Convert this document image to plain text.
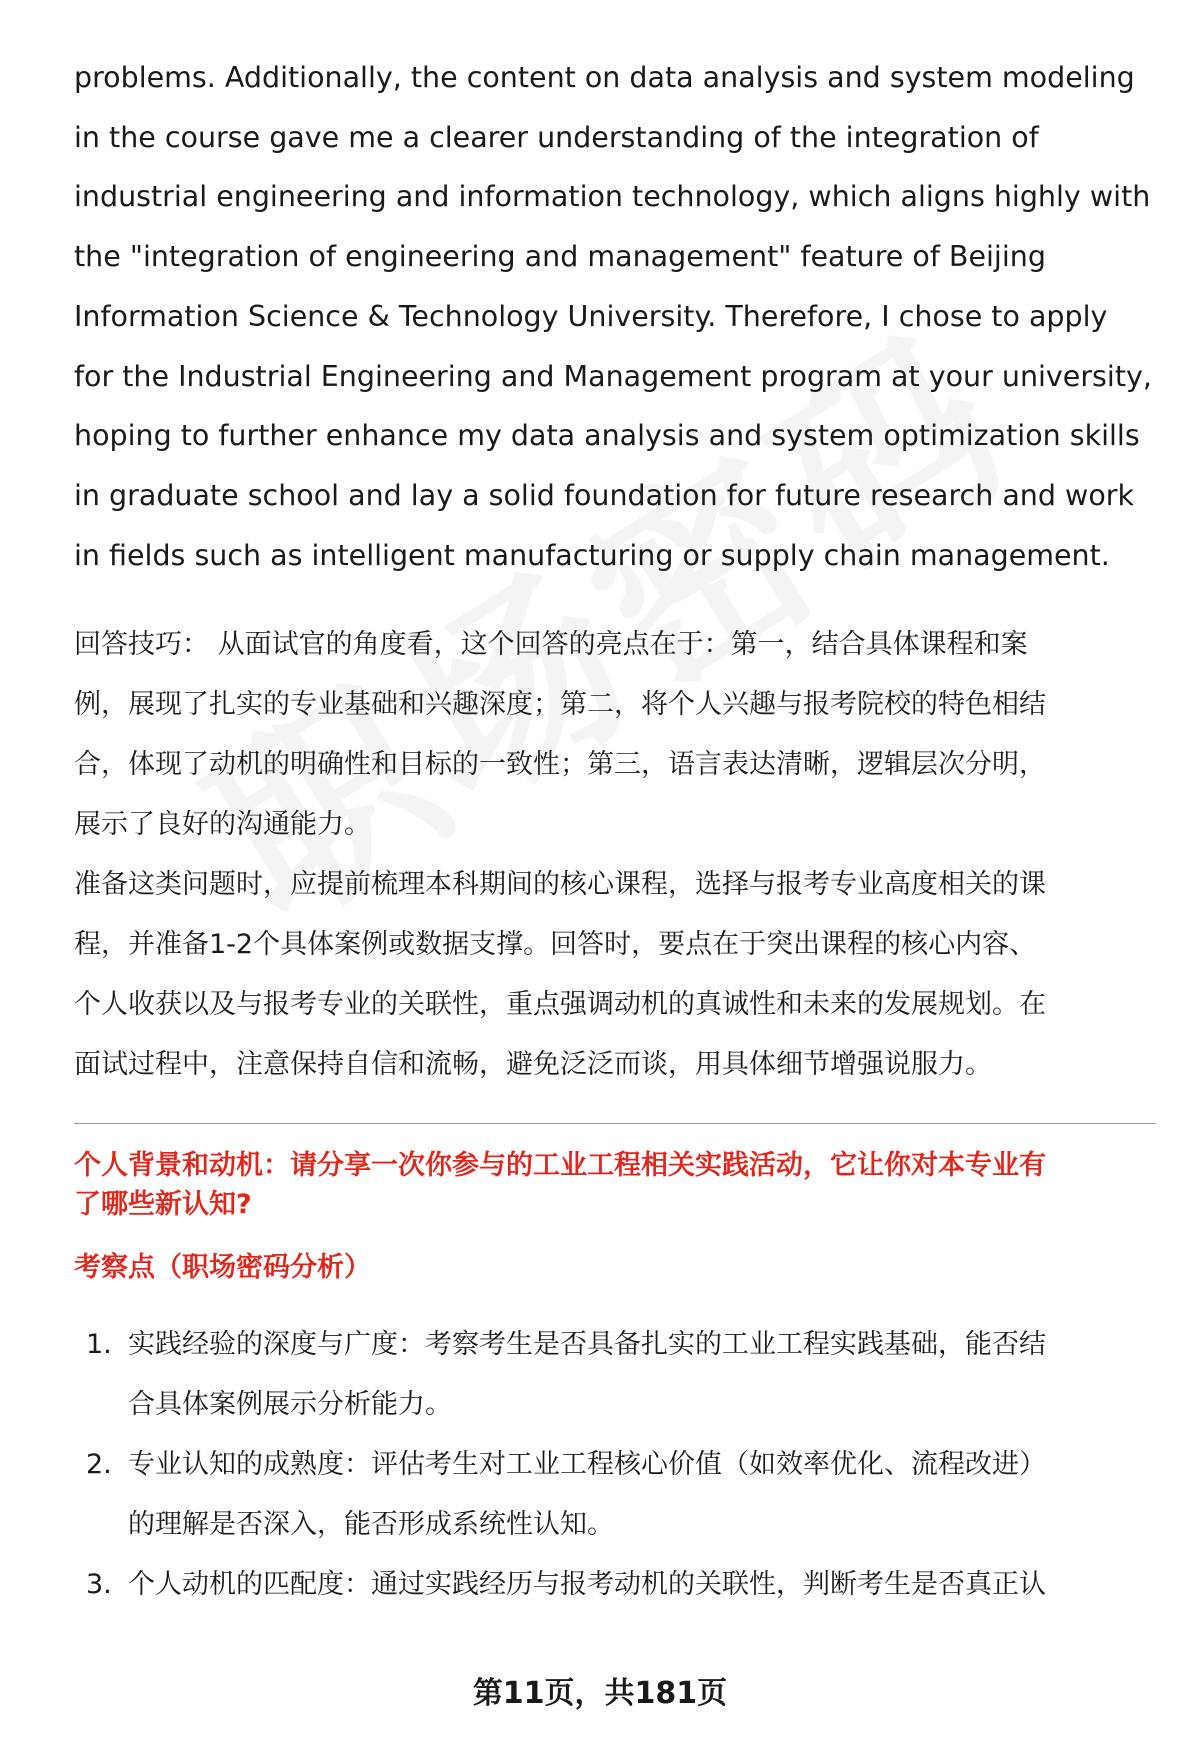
problems. Additionally, the content on data analysis and system modeling
in the course gave me a clearer understanding of the integration of
industrial engineering and information technology, which aligns highly with
the "integration of engineering and management" feature of Beijing
Information Science & Technology University. Therefore, I chose to apply
for the Industrial Engineering and Management program at your university,
hoping to further enhance my data analysis and system optimization skills
in graduate school and lay a solid foundation for future research and work
in fields such as intelligent manufacturing or supply chain management.

回答技巧： 从面试官的角度看，这个回答的亮点在于：第一，结合具体课程和案
例，展现了扎实的专业基础和兴趣深度；第二，将个人兴趣与报考院校的特色相结
合，体现了动机的明确性和目标的一致性；第三，语言表达清晰，逻辑层次分明，
展示了良好的沟通能力。

准备这类问题时，应提前梳理本科期间的核心课程，选择与报考专业高度相关的课
程，并准备1-2个具体案例或数据支撑。回答时，要点在于突出课程的核心内容、
个人收获以及与报考专业的关联性，重点强调动机的真诚性和未来的发展规划。在
面试过程中，注意保持自信和流畅，避免泛泛而谈，用具体细节增强说服力。

个人背景和动机：请分享一次你参与的工业工程相关实践活动，它让你对本专业有
了哪些新认知?
考察点（职场密码分析）
1. 实践经验的深度与广度：考察考生是否具备扎实的工业工程实践基础，能否结
合具体案例展示分析能力。
2. 专业认知的成熟度：评估考生对工业工程核心价值（如效率优化、流程改进）
的理解是否深入，能否形成系统性认知。
3. 个人动机的匹配度：通过实践经历与报考动机的关联性，判断考生是否真正认
第11页，共181页
